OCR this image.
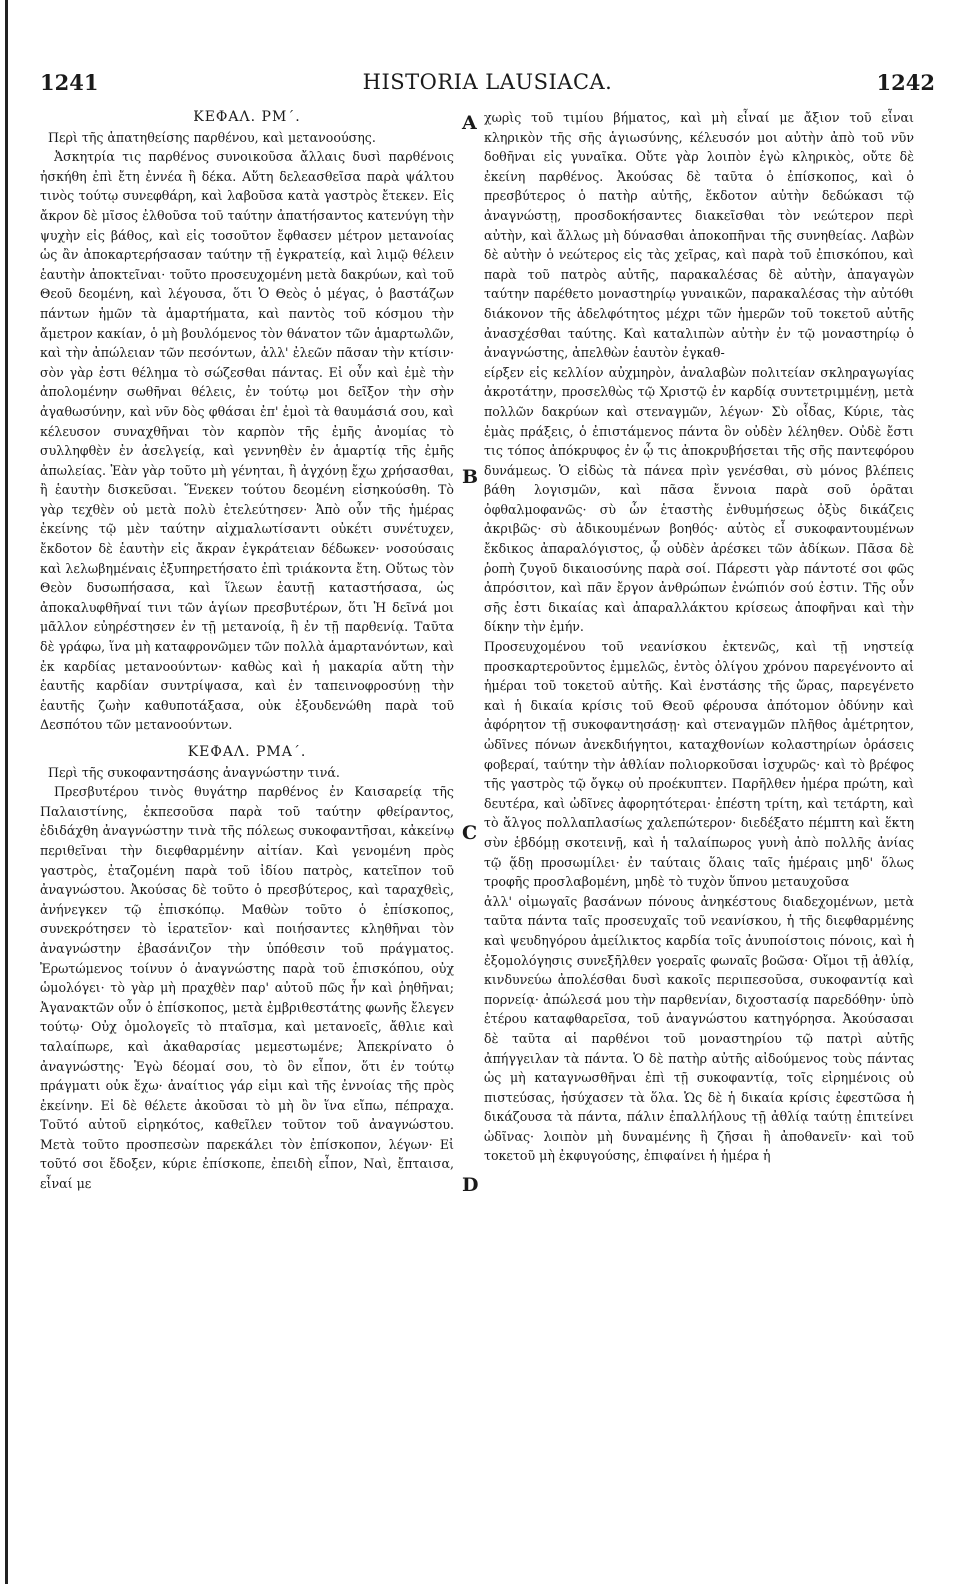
1241	HISTORIA LAUSIACA.	1242
A
B
C
D

ΚΕΦΑΛ. ΡΜ΄.

Περὶ τῆς ἀπατηθείσης παρθένου, καὶ μετανοούσης.

Ἀσκητρία τις παρθένος συνοικοῦσα ἄλλαις δυσὶ παρθένοις ἠσκήθη ἐπὶ ἔτη ἐννέα ἢ δέκα. Αὕτη δελεασθεῖσα παρὰ ψάλτου τινὸς τούτῳ συνεφθάρη, καὶ λαβοῦσα κατὰ γαστρὸς ἔτεκεν. Εἰς ἄκρον δὲ μῖσος ἐλθοῦσα τοῦ ταύτην ἀπατήσαντος κατενύγη τὴν ψυχὴν εἰς βάθος, καὶ εἰς τοσοῦτον ἔφθασεν μέτρον μετανοίας ὡς ἂν ἀποκαρτερήσασαν ταύτην τῇ ἐγκρατείᾳ, καὶ λιμῷ θέλειν ἑαυτὴν ἀποκτεῖναι· τοῦτο προσευχομένη μετὰ δακρύων, καὶ τοῦ Θεοῦ δεομένη, καὶ λέγουσα, ὅτι Ὁ Θεὸς ὁ μέγας, ὁ βαστάζων πάντων ἡμῶν τὰ ἁμαρτήματα, καὶ παντὸς τοῦ κόσμου τὴν ἄμετρον κακίαν, ὁ μὴ βουλόμενος τὸν θάνατον τῶν ἁμαρτωλῶν, καὶ τὴν ἀπώλειαν τῶν πεσόντων, ἀλλ' ἐλεῶν πᾶσαν τὴν κτίσιν· σὸν γὰρ ἐστι θέλημα τὸ σώζεσθαι πάντας. Εἰ οὖν καὶ ἐμὲ τὴν ἀπολομένην σωθῆναι θέλεις, ἐν τούτῳ μοι δεῖξον τὴν σὴν ἀγαθωσύνην, καὶ νῦν δὸς φθάσαι ἐπ' ἐμοὶ τὰ θαυμάσιά σου, καὶ κέλευσον συναχθῆναι τὸν καρπὸν τῆς ἐμῆς ἀνομίας τὸ συλληφθὲν ἐν ἀσελγείᾳ, καὶ γεννηθὲν ἐν ἁμαρτίᾳ τῆς ἐμῆς ἀπωλείας. Ἐὰν γὰρ τοῦτο μὴ γένηται, ἢ ἀγχόνῃ ἔχω χρήσασθαι, ἢ ἑαυτὴν δισκεῦσαι. Ἕνεκεν τούτου δεομένη εἰσηκούσθη. Τὸ γὰρ τεχθὲν οὐ μετὰ πολὺ ἐτελεύτησεν· Ἀπὸ οὖν τῆς ἡμέρας ἐκείνης τῷ μὲν ταύτην αἰχμαλωτίσαντι οὐκέτι συνέτυχεν, ἔκδοτον δὲ ἑαυτὴν εἰς ἄκραν ἐγκράτειαν δέδωκεν· νοσούσαις καὶ λελωβημέναις ἐξυπηρετήσατο ἐπὶ τριάκοντα ἔτη. Οὕτως τὸν Θεὸν δυσωπήσασα, καὶ ἵλεων ἑαυτῇ καταστήσασα, ὡς ἀποκαλυφθῆναί τινι τῶν ἁγίων πρεσβυτέρων, ὅτι Ἡ δεῖνά μοι μᾶλλον εὐηρέστησεν ἐν τῇ μετανοίᾳ, ἢ ἐν τῇ παρθενίᾳ. Ταῦτα δὲ γράφω, ἵνα μὴ καταφρονῶμεν τῶν πολλὰ ἁμαρτανόντων, καὶ ἐκ καρδίας μετανοούντων· καθὼς καὶ ἡ μακαρία αὕτη τὴν ἑαυτῆς καρδίαν συντρίψασα, καὶ ἐν ταπεινοφροσύνῃ τὴν ἑαυτῆς ζωὴν καθυποτάξασα, οὐκ ἐξουδενώθη παρὰ τοῦ Δεσπότου τῶν μετανοούντων.

ΚΕΦΑΛ. ΡΜΑ΄.

Περὶ τῆς συκοφαντησάσης ἀναγνώστην τινά.

Πρεσβυτέρου τινὸς θυγάτηρ παρθένος ἐν Καισαρείᾳ τῆς Παλαιστίνης, ἐκπεσοῦσα παρὰ τοῦ ταύτην φθείραντος, ἐδιδάχθη ἀναγνώστην τινὰ τῆς πόλεως συκοφαντῆσαι, κἀκείνῳ περιθεῖναι τὴν διεφθαρμένην αἰτίαν. Καὶ γενομένη πρὸς γαστρὸς, ἐταζομένη παρὰ τοῦ ἰδίου πατρὸς, κατεῖπον τοῦ ἀναγνώστου. Ἀκούσας δὲ τοῦτο ὁ πρεσβύτερος, καὶ ταραχθεὶς, ἀνήνεγκεν τῷ ἐπισκόπῳ. Μαθὼν τοῦτο ὁ ἐπίσκοπος, συνεκρότησεν τὸ ἱερατεῖον· καὶ ποιήσαντες κληθῆναι τὸν ἀναγνώστην ἐβασάνιζον τὴν ὑπόθεσιν τοῦ πράγματος. Ἐρωτώμενος τοίνυν ὁ ἀναγνώστης παρὰ τοῦ ἐπισκόπου, οὐχ ὡμολόγει· τὸ γὰρ μὴ πραχθὲν παρ' αὐτοῦ πῶς ἦν καὶ ῥηθῆναι; Ἀγανακτῶν οὖν ὁ ἐπίσκοπος, μετὰ ἐμβριθεστάτης φωνῆς ἔλεγεν τούτῳ· Οὐχ ὁμολογεῖς τὸ πταῖσμα, καὶ μετανοεῖς, ἄθλιε καὶ ταλαίπωρε, καὶ ἀκαθαρσίας μεμεστωμένε; Ἀπεκρίνατο ὁ ἀναγνώστης· Ἐγὼ δέομαί σου, τὸ ὃν εἶπον, ὅτι ἐν τούτῳ πράγματι οὐκ ἔχω· ἀναίτιος γάρ εἰμι καὶ τῆς ἐννοίας τῆς πρὸς ἐκείνην. Εἰ δὲ θέλετε ἀκοῦσαι τὸ μὴ ὂν ἵνα εἴπω, πέπραχα. Τοῦτό αὐτοῦ εἰρηκότος, καθεῖλεν τοῦτον τοῦ ἀναγνώστου. Μετὰ τοῦτο προσπεσὼν παρεκάλει τὸν ἐπίσκοπον, λέγων· Εἰ τοῦτό σοι ἔδοξεν, κύριε ἐπίσκοπε, ἐπειδὴ εἶπον, Ναὶ, ἔπταισα, εἶναί με

χωρὶς τοῦ τιμίου βήματος, καὶ μὴ εἶναί με ἄξιον τοῦ εἶναι κληρικὸν τῆς σῆς ἁγιωσύνης, κέλευσόν μοι αὐτὴν ἀπὸ τοῦ νῦν δοθῆναι εἰς γυναῖκα. Οὔτε γὰρ λοιπὸν ἐγὼ κληρικὸς, οὔτε δὲ ἐκείνη παρθένος. Ἀκούσας δὲ ταῦτα ὁ ἐπίσκοπος, καὶ ὁ πρεσβύτερος ὁ πατὴρ αὐτῆς, ἔκδοτον αὐτὴν δεδώκασι τῷ ἀναγνώστῃ, προσδοκήσαντες διακεῖσθαι τὸν νεώτερον περὶ αὐτὴν, καὶ ἄλλως μὴ δύνασθαι ἀποκοπῆναι τῆς συνηθείας. Λαβὼν δὲ αὐτὴν ὁ νεώτερος εἰς τὰς χεῖρας, καὶ παρὰ τοῦ ἐπισκόπου, καὶ παρὰ τοῦ πατρὸς αὐτῆς, παρακαλέσας δὲ αὐτὴν, ἀπαγαγὼν ταύτην παρέθετο μοναστηρίῳ γυναικῶν, παρακαλέσας τὴν αὐτόθι διάκονον τῆς ἀδελφότητος μέχρι τῶν ἡμερῶν τοῦ τοκετοῦ αὐτῆς ἀνασχέσθαι ταύτης. Καὶ καταλιπὼν αὐτὴν ἐν τῷ μοναστηρίῳ ὁ ἀναγνώστης, ἀπελθὼν ἑαυτὸν ἐγκαθ-

είρξεν εἰς κελλίον αὐχμηρὸν, ἀναλαβὼν πολιτείαν σκληραγωγίας ἀκροτάτην, προσελθὼς τῷ Χριστῷ ἐν καρδίᾳ συντετριμμένῃ, μετὰ πολλῶν δακρύων καὶ στεναγμῶν, λέγων· Σὺ οἶδας, Κύριε, τὰς ἐμὰς πράξεις, ὁ ἐπιστάμενος πάντα ὃν οὐδὲν λέληθεν. Οὐδὲ ἔστι τις τόπος ἀπόκρυφος ἐν ᾧ τις ἀποκρυβήσεται τῆς σῆς παντεφόρου δυνάμεως. Ὁ εἰδὼς τὰ πάνεα πρὶν γενέσθαι, σὺ μόνος βλέπεις βάθη λογισμῶν, καὶ πᾶσα ἔννοια παρὰ σοῦ ὁρᾶται ὀφθαλμοφανῶς· σὺ ὧν ἑταστὴς ἐνθυμήσεως ὀξὺς δικάζεις ἀκριβῶς· σὺ ἀδικουμένων βοηθός· αὐτὸς εἶ συκοφαντουμένων ἔκδικος ἀπαραλόγιστος, ᾧ οὐδὲν ἀρέσκει τῶν ἀδίκων. Πᾶσα δὲ ῥοπὴ ζυγοῦ δικαιοσύνης παρὰ σοί. Πάρεστι γὰρ πάντοτέ σοι φῶς ἀπρόσιτον, καὶ πᾶν ἔργον ἀνθρώπων ἐνώπιόν σού ἐστιν. Τῆς οὖν σῆς ἐστι δικαίας καὶ ἀπαραλλάκτου κρίσεως ἀποφῆναι καὶ τὴν δίκην τὴν ἐμήν.

Προσευχομένου τοῦ νεανίσκου ἐκτενῶς, καὶ τῇ νηστείᾳ προσκαρτεροῦντος ἐμμελῶς, ἐντὸς ὀλίγου χρόνου παρεγένοντο αἱ ἡμέραι τοῦ τοκετοῦ αὐτῆς. Καὶ ἐνστάσης τῆς ὥρας, παρεγένετο καὶ ἡ δικαία κρίσις τοῦ Θεοῦ φέρουσα ἀπότομον ὀδύνην καὶ ἀφόρητον τῇ συκοφαντησάσῃ· καὶ στεναγμῶν πλῆθος ἀμέτρητον, ὠδῖνες πόνων ἀνεκδιήγητοι, καταχθονίων κολαστηρίων ὁράσεις φοβεραί, ταύτην τὴν ἀθλίαν πολιορκοῦσαι ἰσχυρῶς· καὶ τὸ βρέφος τῆς γαστρὸς τῷ ὄγκῳ οὐ προέκυπτεν. Παρῆλθεν ἡμέρα πρώτη, καὶ δευτέρα, καὶ ὠδῖνες ἀφορητότεραι· ἐπέστη τρίτη, καὶ τετάρτη, καὶ τὸ ἄλγος πολλαπλασίως χαλεπώτερον· διεδέξατο πέμπτη καὶ ἕκτη σὺν ἑβδόμῃ σκοτεινῇ, καὶ ἡ ταλαίπωρος γυνὴ ἀπὸ πολλῆς ἀνίας τῷ ᾅδῃ προσωμίλει· ἐν ταύταις ὅλαις ταῖς ἡμέραις μηδ' ὅλως τροφῆς προσλαβομένη, μηδὲ τὸ τυχὸν ὕπνου μεταυχοῦσα

ἀλλ' οἰμωγαῖς βασάνων πόνους ἀνηκέστους διαδεχομένων, μετὰ ταῦτα πάντα ταῖς προσευχαῖς τοῦ νεανίσκου, ἡ τῆς διεφθαρμένης καὶ ψευδηγόρου ἀμείλικτος καρδία τοῖς ἀνυποίστοις πόνοις, καὶ ἡ ἐξομολόγησις συνεξῆλθεν γοεραῖς φωναῖς βοῶσα· Οἴμοι τῇ ἀθλίᾳ, κινδυνεύω ἀπολέσθαι δυσὶ κακοῖς περιπεσοῦσα, συκοφαντίᾳ καὶ πορνείᾳ· ἀπώλεσά μου τὴν παρθενίαν, διχοστασίᾳ παρεδόθην· ὑπὸ ἑτέρου καταφθαρεῖσα, τοῦ ἀναγνώστου κατηγόρησα. Ἀκούσασαι δὲ ταῦτα αἱ παρθένοι τοῦ μοναστηρίου τῷ πατρὶ αὐτῆς ἀπήγγειλαν τὰ πάντα. Ὁ δὲ πατὴρ αὐτῆς αἰδούμενος τοὺς πάντας ὡς μὴ καταγνωσθῆναι ἐπὶ τῇ συκοφαντίᾳ, τοῖς εἰρημένοις οὐ πιστεύσας, ἡσύχασεν τὰ ὅλα. Ὡς δὲ ἡ δικαία κρίσις ἐφεστῶσα ἡ δικάζουσα τὰ πάντα, πάλιν ἐπαλλήλους τῇ ἀθλίᾳ ταύτῃ ἐπιτείνει ὠδῖνας· λοιπὸν μὴ δυναμένης ἢ ζῆσαι ἢ ἀποθανεῖν· καὶ τοῦ τοκετοῦ μὴ ἐκφυγούσης, ἐπιφαίνει ἡ ἡμέρα ἡ
